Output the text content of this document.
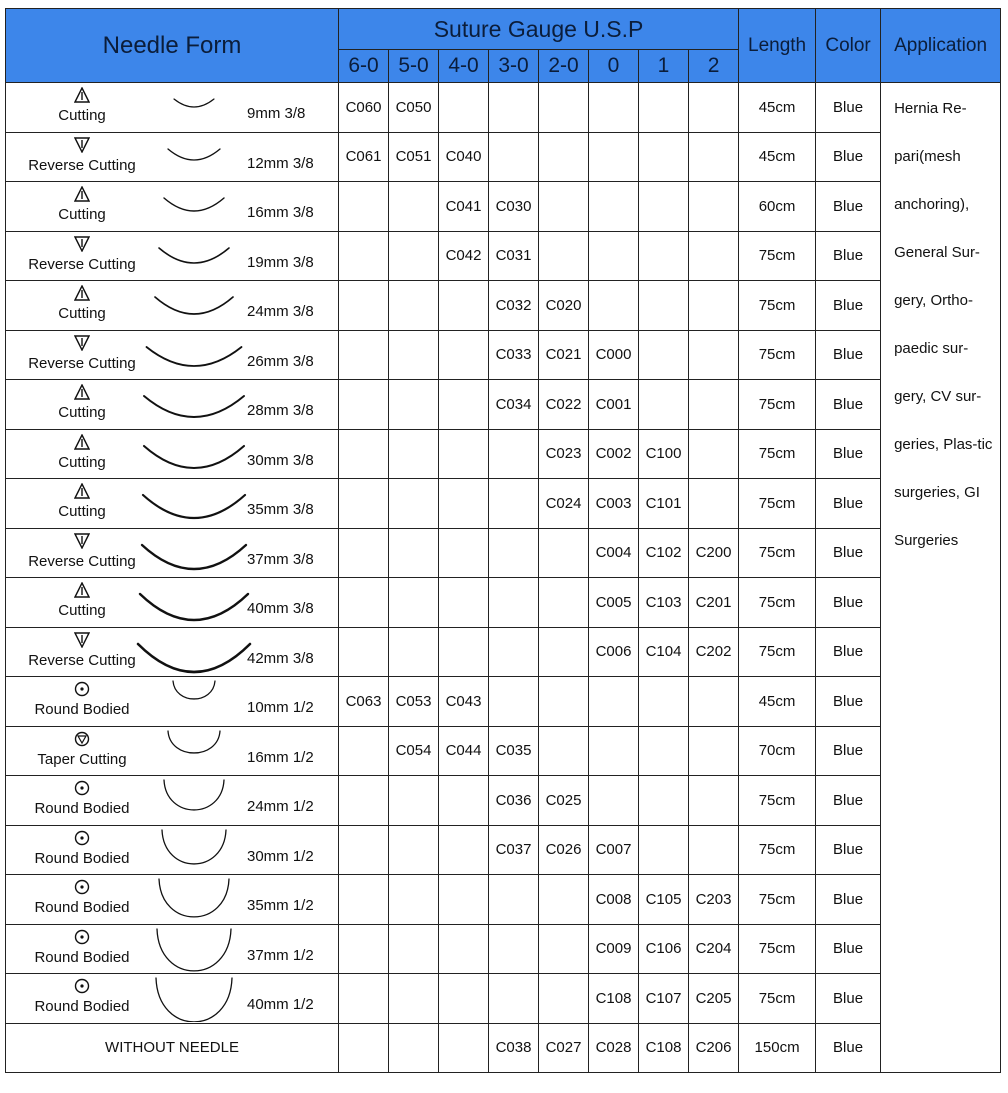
Needle Form	Suture Gauge U.S.P								Length	Color	Application
	6-0	5-0	4-0	3-0	2-0	0	1	2			

Cutting 9mm 3/8	C060	C050							45cm	Blue	Hernia Re-pari(mesh anchoring), General Sur-gery, Ortho-paedic sur-gery, CV sur-geries, Plas-tic surgeries, GI Surgeries

Reverse Cutting 12mm 3/8	C061	C051	C040						45cm	Blue	

Cutting 16mm 3/8			C041	C030					60cm	Blue	

Reverse Cutting 19mm 3/8			C042	C031					75cm	Blue	

Cutting 24mm 3/8				C032	C020				75cm	Blue	

Reverse Cutting 26mm 3/8				C033	C021	C000			75cm	Blue	

Cutting 28mm 3/8				C034	C022	C001			75cm	Blue	

Cutting 30mm 3/8					C023	C002	C100		75cm	Blue	

Cutting 35mm 3/8					C024	C003	C101		75cm	Blue	

Reverse Cutting 37mm 3/8						C004	C102	C200	75cm	Blue	

Cutting 40mm 3/8						C005	C103	C201	75cm	Blue	

Reverse Cutting 42mm 3/8						C006	C104	C202	75cm	Blue	

Round Bodied 10mm 1/2	C063	C053	C043						45cm	Blue	

Taper Cutting 16mm 1/2		C054	C044	C035					70cm	Blue	

Round Bodied 24mm 1/2				C036	C025				75cm	Blue	

Round Bodied 30mm 1/2				C037	C026	C007			75cm	Blue	

Round Bodied 35mm 1/2						C008	C105	C203	75cm	Blue	

Round Bodied 37mm 1/2						C009	C106	C204	75cm	Blue	

Round Bodied 40mm 1/2						C108	C107	C205	75cm	Blue	
WITHOUT NEEDLE				C038	C027	C028	C108	C206	150cm	Blue	
